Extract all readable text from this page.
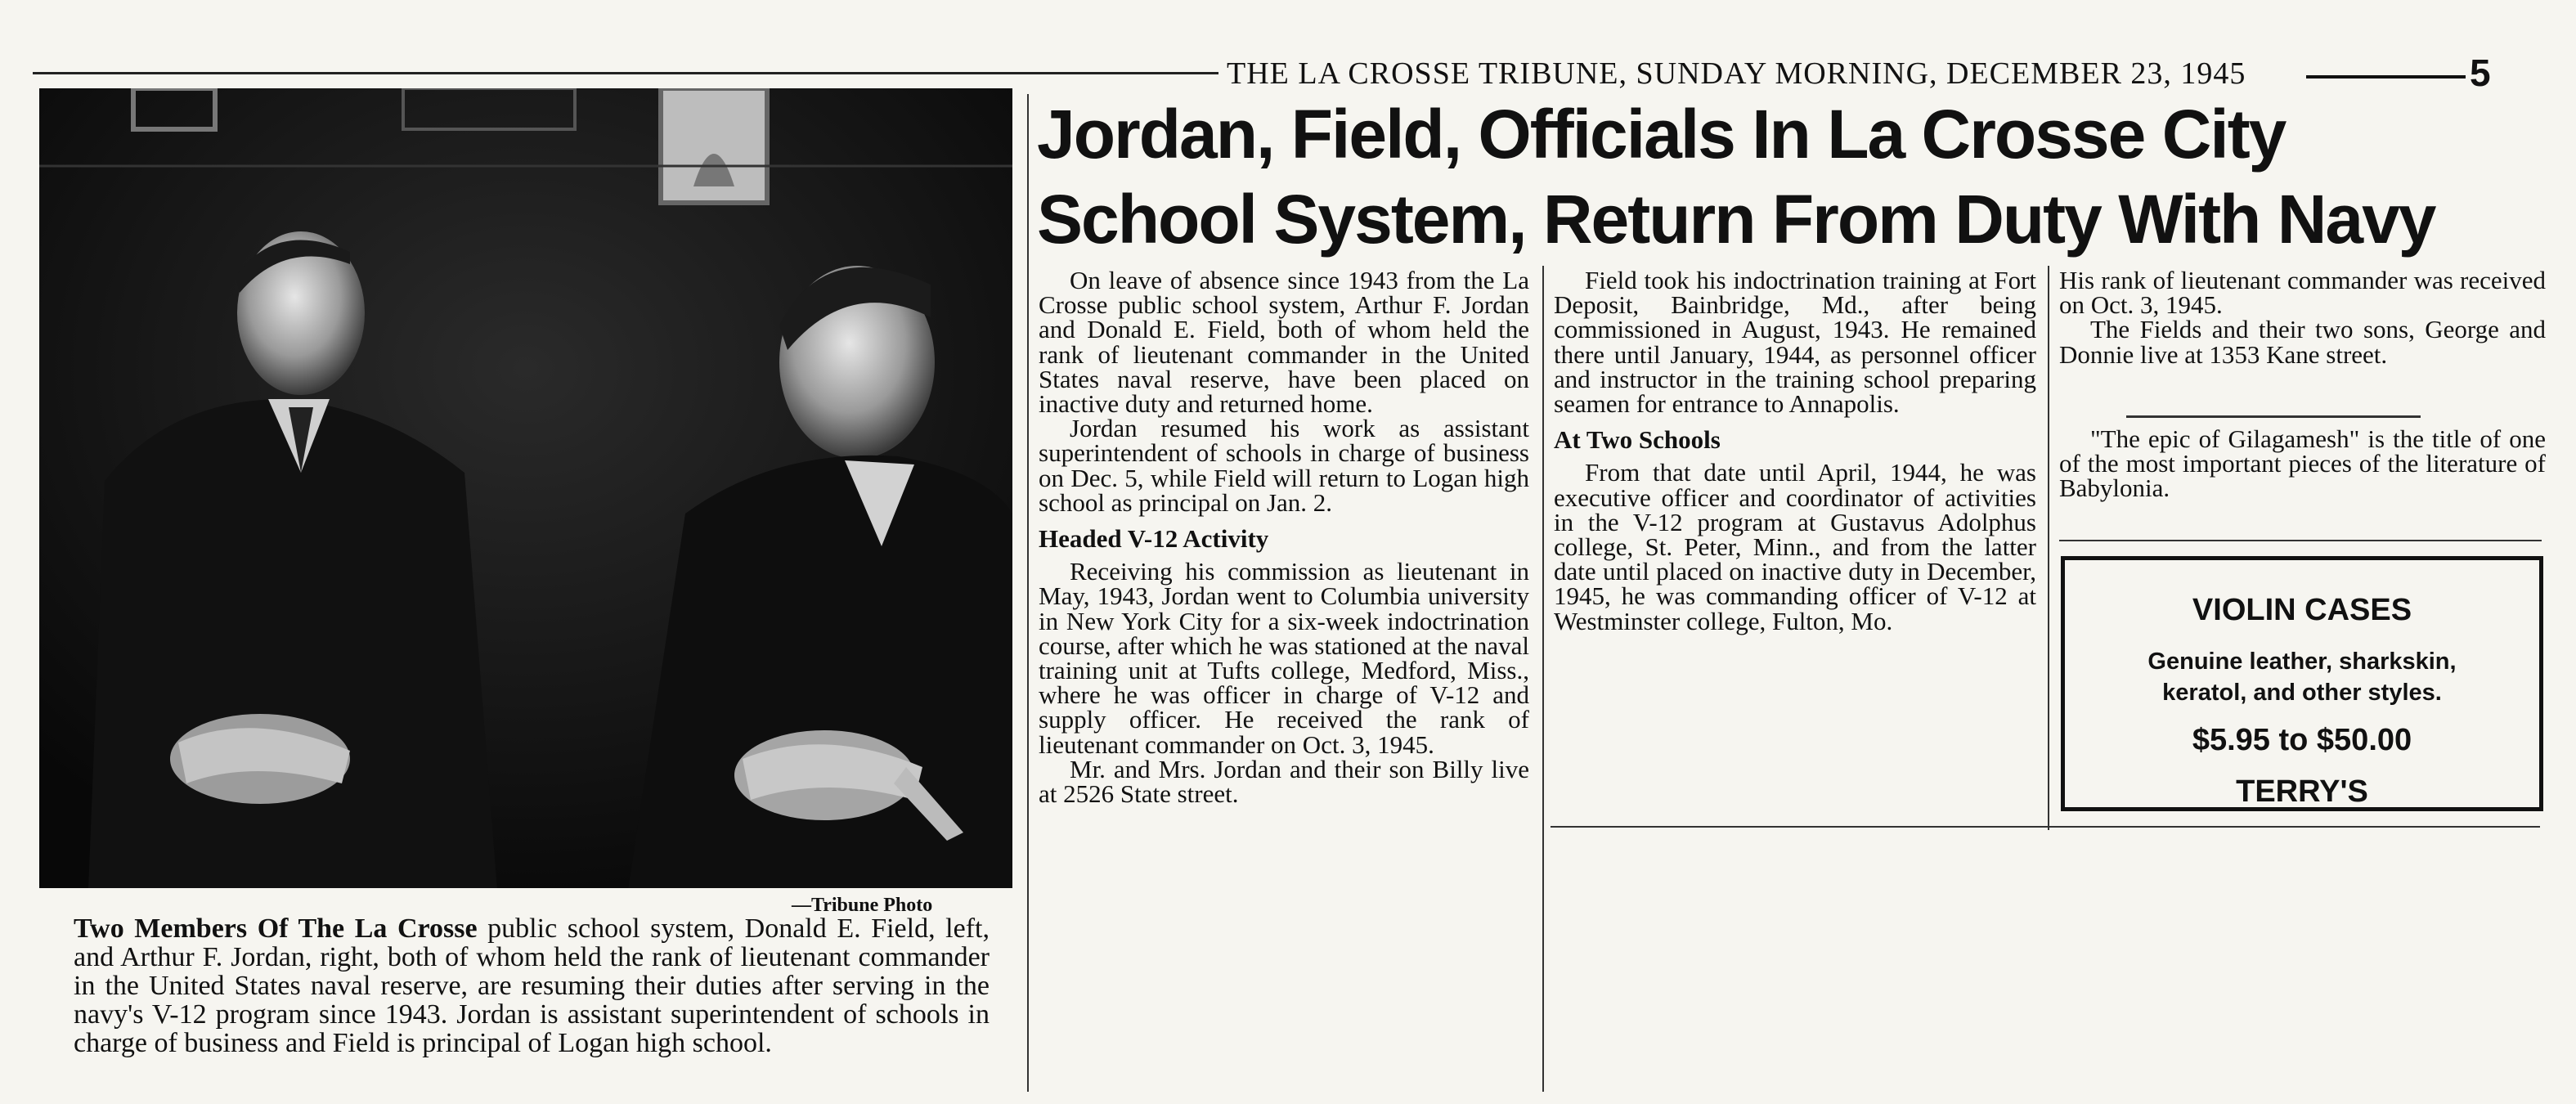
THE LA CROSSE TRIBUNE, SUNDAY MORNING, DECEMBER 23, 1945	5
—Tribune Photo
Two Members Of The La Crosse public school system, Donald E. Field, left, and Arthur F. Jordan, right, both of whom held the rank of lieutenant commander in the United States naval reserve, are resuming their duties after serving in the navy's V-12 program since 1943. Jordan is assistant superintendent of schools in charge of business and Field is principal of Logan high school.
Jordan, Field, Officials In La Crosse City
School System, Return From Duty With Navy

On leave of absence since 1943 from the La Crosse public school system, Arthur F. Jordan and Donald E. Field, both of whom held the rank of lieutenant commander in the United States naval reserve, have been placed on inactive duty and returned home.

Jordan resumed his work as assistant superintendent of schools in charge of business on Dec. 5, while Field will return to Logan high school as principal on Jan. 2.

Headed V-12 Activity

Receiving his commission as lieutenant in May, 1943, Jordan went to Columbia university in New York City for a six-week indoctrination course, after which he was stationed at the naval training unit at Tufts college, Medford, Miss., where he was officer in charge of V-12 and supply officer. He received the rank of lieutenant commander on Oct. 3, 1945.

Mr. and Mrs. Jordan and their son Billy live at 2526 State street.

Field took his indoctrination training at Fort Deposit, Bainbridge, Md., after being commissioned in August, 1943. He remained there until January, 1944, as personnel officer and instructor in the training school preparing seamen for entrance to Annapolis.

At Two Schools

From that date until April, 1944, he was executive officer and coordinator of activities in the V-12 program at Gustavus Adolphus college, St. Peter, Minn., and from the latter date until placed on inactive duty in December, 1945, he was commanding officer of V-12 at Westminster college, Fulton, Mo.

His rank of lieutenant commander was received on Oct. 3, 1945.

The Fields and their two sons, George and Donnie live at 1353 Kane street.

"The epic of Gilagamesh" is the title of one of the most important pieces of the literature of Babylonia.

VIOLIN CASES
Genuine leather, sharkskin,
keratol, and other styles.
$5.95 to $50.00
TERRY'S
